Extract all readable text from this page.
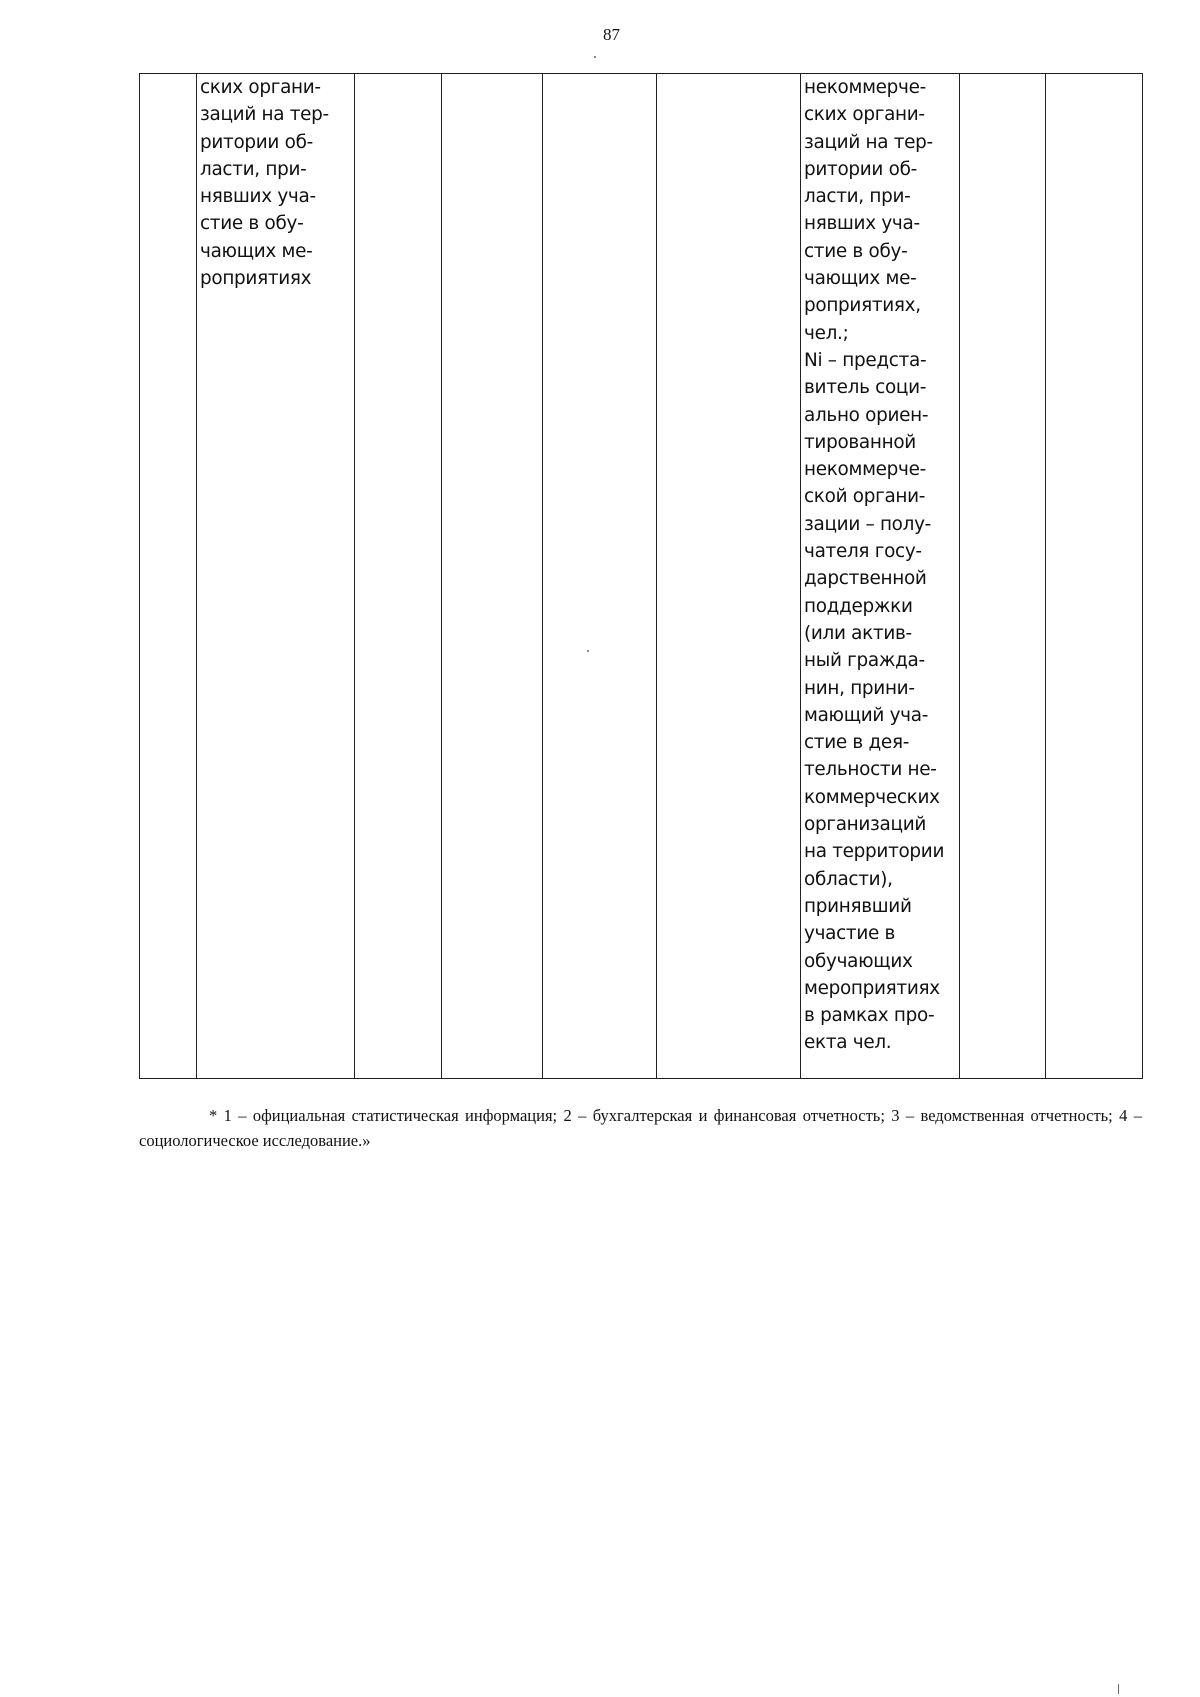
87

ских органи-
заций на тер-
ритории об-
ласти, при-
нявших уча-
стие в обу-
чающих ме-
роприятиях

некоммерче-
ских органи-
заций на тер-
ритории об-
ласти, при-
нявших уча-
стие в обу-
чающих ме-
роприятиях,
чел.;
Ni – предста-
витель соци-
ально ориен-
тированной
некоммерче-
ской органи-
зации – полу-
чателя госу-
дарственной
поддержки
(или актив-
ный гражда-
нин, прини-
мающий уча-
стие в дея-
тельности не-
коммерческих
организаций
на территории
области),
принявший
участие в
обучающих
мероприятиях
в рамках про-
екта чел.

* 1 – официальная статистическая информация; 2 – бухгалтерская и финансовая отчетность; 3 – ведомственная отчетность; 4 – социологическое исследование.»
